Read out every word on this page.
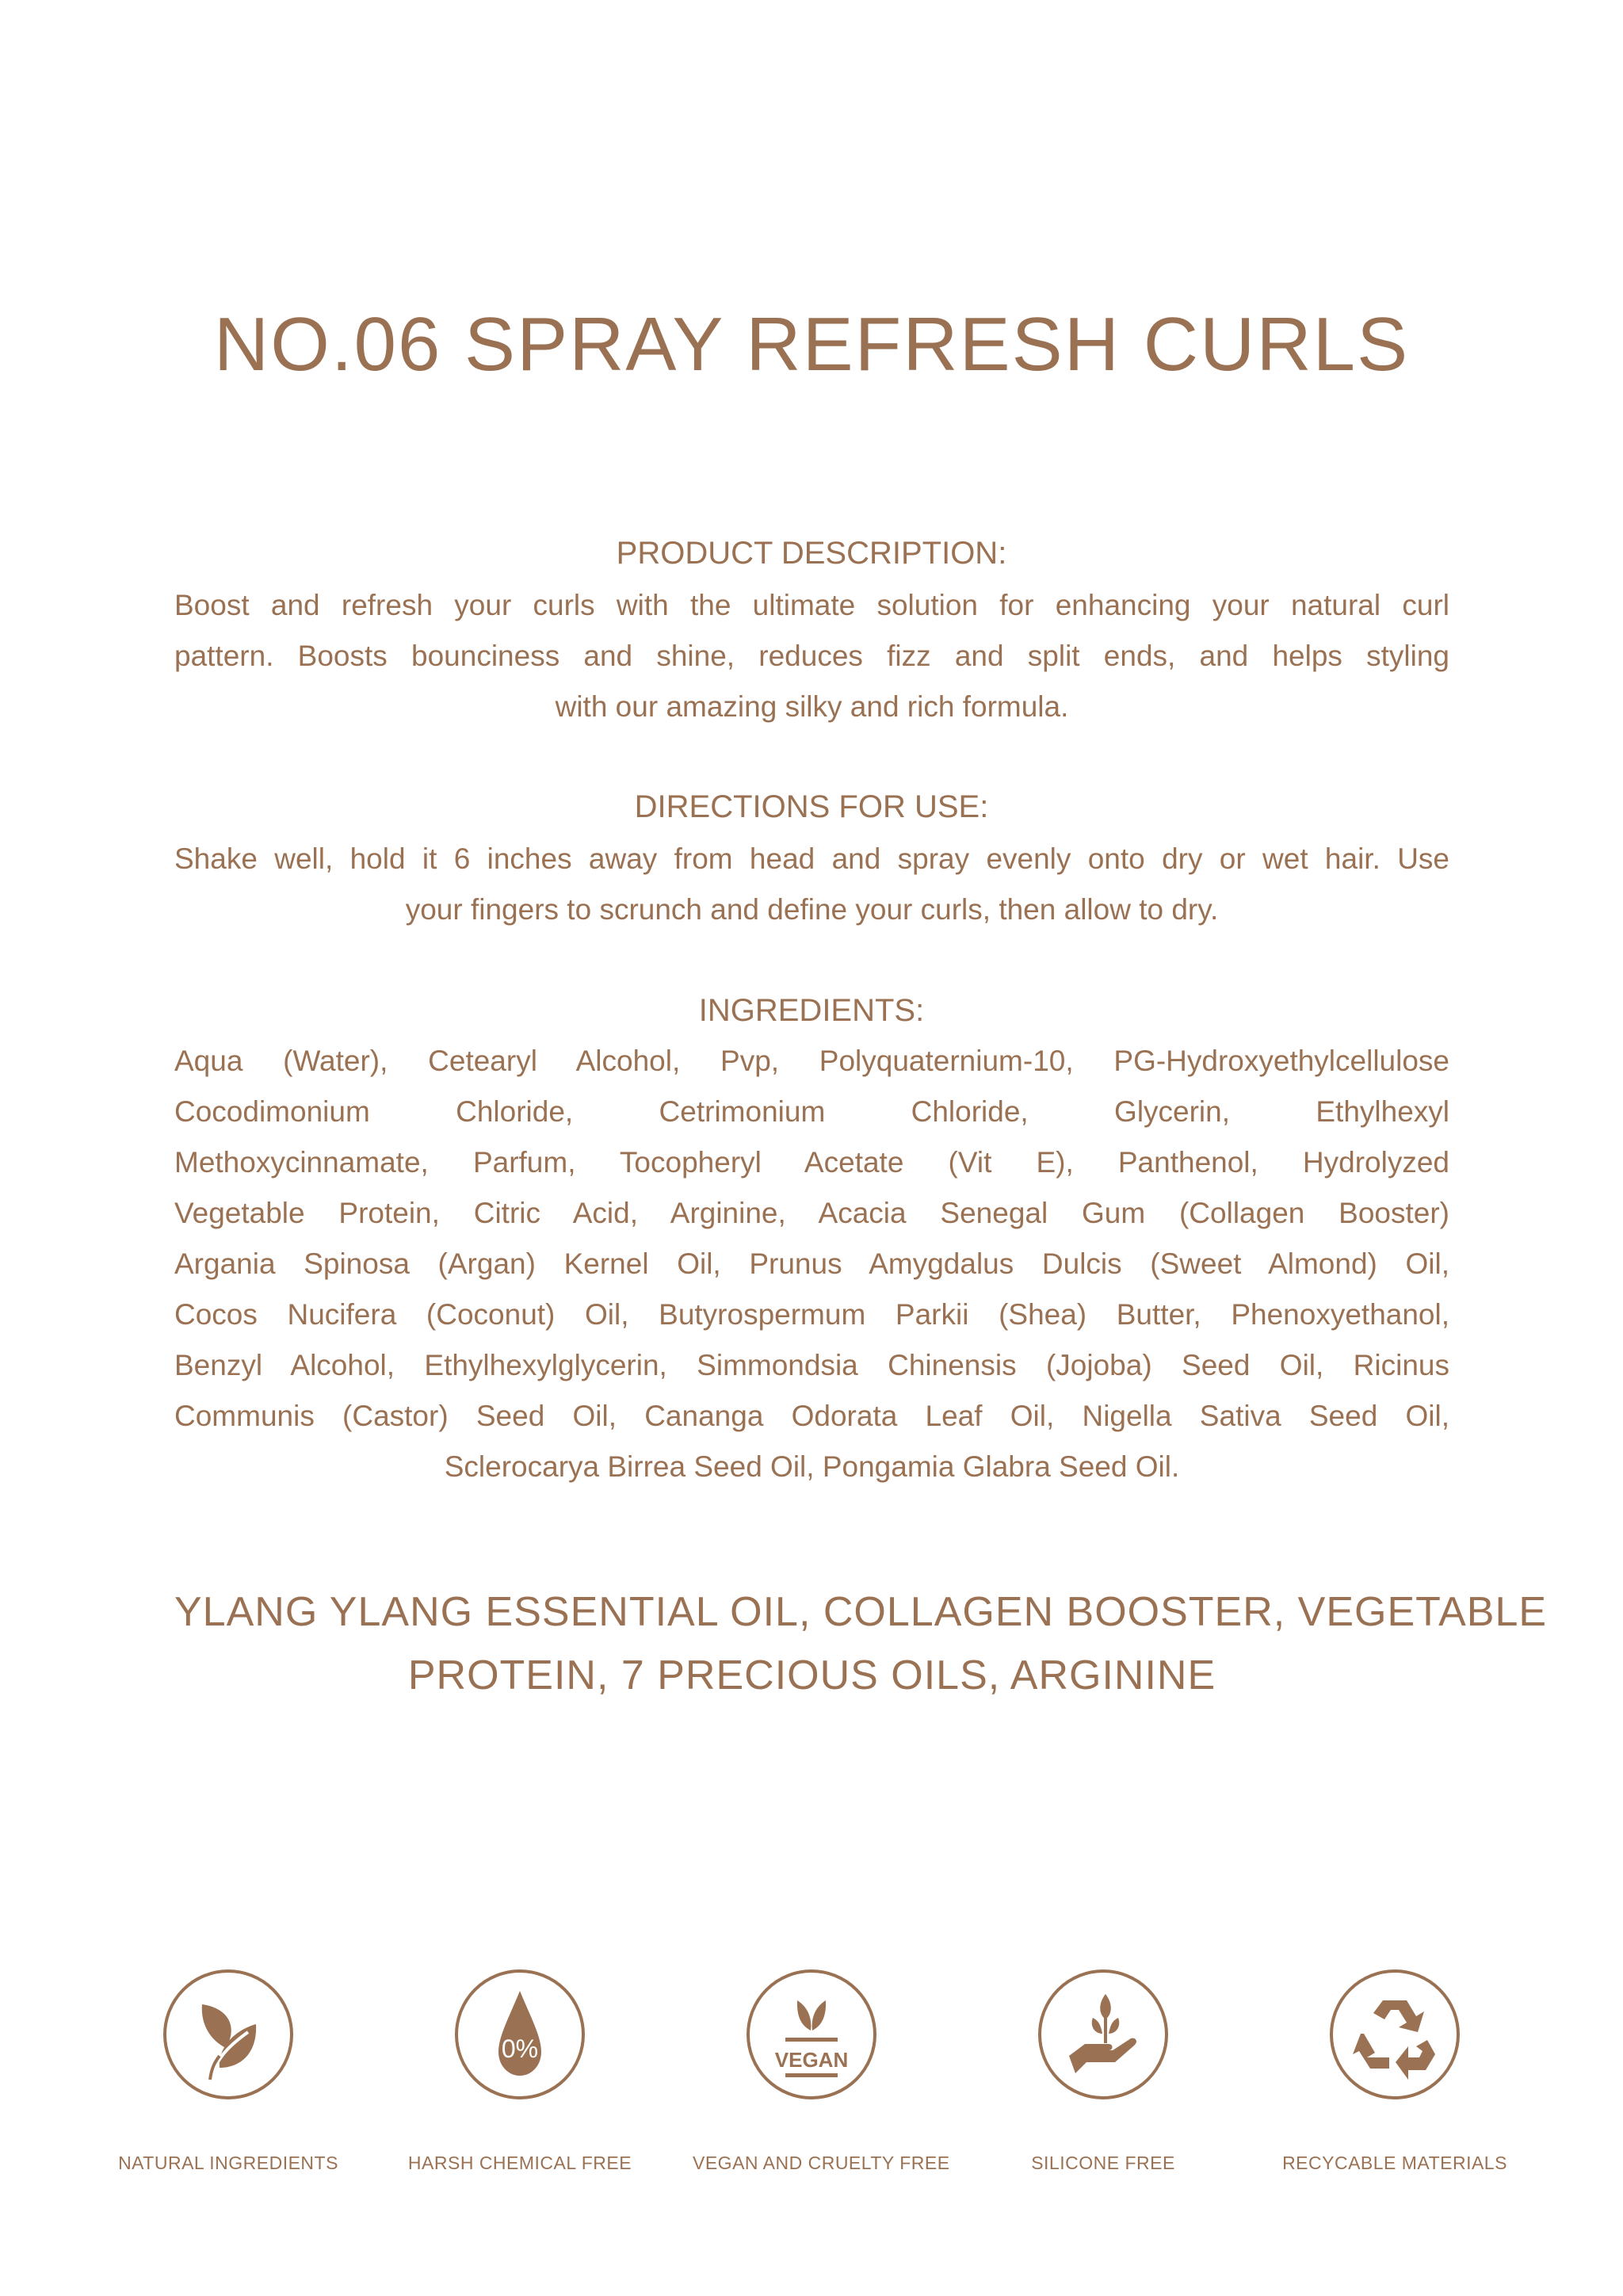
NO.06 SPRAY REFRESH CURLS

PRODUCT DESCRIPTION:

Boost and refresh your curls with the ultimate solution for enhancing your natural curl
pattern. Boosts bounciness and shine, reduces fizz and split ends, and helps styling
with our amazing silky and rich formula.

DIRECTIONS FOR USE:

Shake well, hold it 6 inches away from head and spray evenly onto dry or wet hair. Use
your fingers to scrunch and define your curls, then allow to dry.

INGREDIENTS:

Aqua (Water), Cetearyl Alcohol, Pvp, Polyquaternium-10, PG-Hydroxyethylcellulose
Cocodimonium Chloride, Cetrimonium Chloride, Glycerin, Ethylhexyl
Methoxycinnamate, Parfum, Tocopheryl Acetate (Vit E), Panthenol, Hydrolyzed
Vegetable Protein, Citric Acid, Arginine, Acacia Senegal Gum (Collagen Booster)
Argania Spinosa (Argan) Kernel Oil, Prunus Amygdalus Dulcis (Sweet Almond) Oil,
Cocos Nucifera (Coconut) Oil, Butyrospermum Parkii (Shea) Butter, Phenoxyethanol,
Benzyl Alcohol, Ethylhexylglycerin, Simmondsia Chinensis (Jojoba) Seed Oil, Ricinus
Communis (Castor) Seed Oil, Cananga Odorata Leaf Oil, Nigella Sativa Seed Oil,
Sclerocarya Birrea Seed Oil, Pongamia Glabra Seed Oil.
YLANG YLANG ESSENTIAL OIL, COLLAGEN BOOSTER, VEGETABLE
PROTEIN, 7 PRECIOUS OILS, ARGININE
NATURAL INGREDIENTS
0%
HARSH CHEMICAL FREE
VEGAN
VEGAN AND CRUELTY FREE	SILICONE FREE	RECYCABLE MATERIALS
